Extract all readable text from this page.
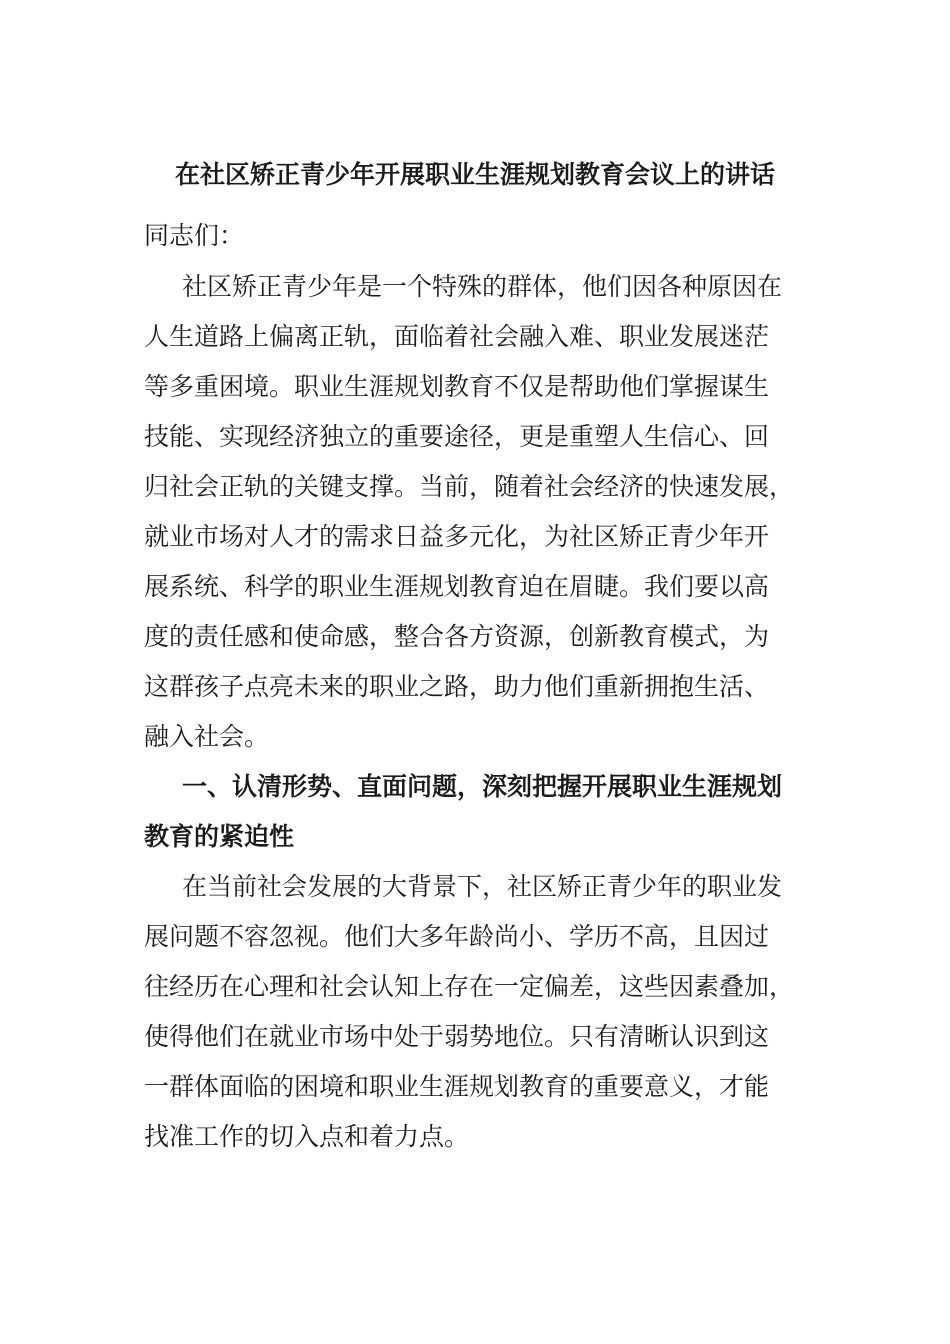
在社区矫正青少年开展职业生涯规划教育会议上的讲话
同志们：
社区矫正青少年是一个特殊的群体，他们因各种原因在
人生道路上偏离正轨，面临着社会融入难、职业发展迷茫
等多重困境。职业生涯规划教育不仅是帮助他们掌握谋生
技能、实现经济独立的重要途径，更是重塑人生信心、回
归社会正轨的关键支撑。当前，随着社会经济的快速发展，
就业市场对人才的需求日益多元化，为社区矫正青少年开
展系统、科学的职业生涯规划教育迫在眉睫。我们要以高
度的责任感和使命感，整合各方资源，创新教育模式，为
这群孩子点亮未来的职业之路，助力他们重新拥抱生活、
融入社会。
一、认清形势、直面问题，深刻把握开展职业生涯规划
教育的紧迫性
在当前社会发展的大背景下，社区矫正青少年的职业发
展问题不容忽视。他们大多年龄尚小、学历不高，且因过
往经历在心理和社会认知上存在一定偏差，这些因素叠加，
使得他们在就业市场中处于弱势地位。只有清晰认识到这
一群体面临的困境和职业生涯规划教育的重要意义，才能
找准工作的切入点和着力点。
